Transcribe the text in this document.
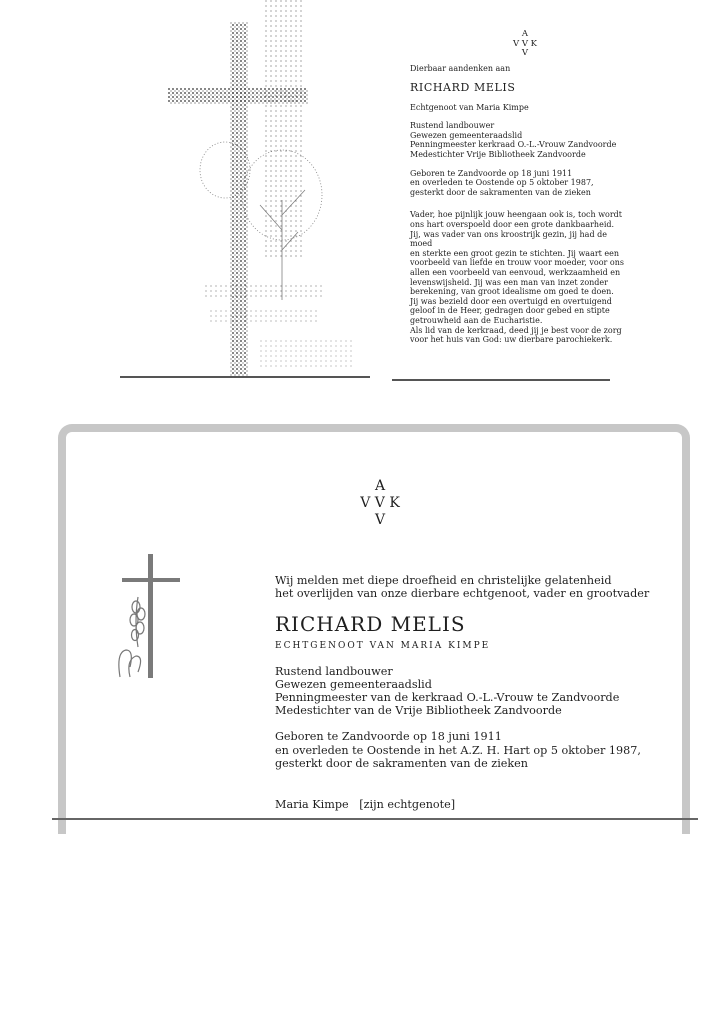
A
V V K
V

Dierbaar aandenken aan

RICHARD MELIS

Echtgenoot van Maria Kimpe

Rustend landbouwer

Gewezen gemeenteraadslid

Penningmeester kerkraad O.-L.-Vrouw Zandvoorde

Medestichter Vrije Bibliotheek Zandvoorde

Geboren te Zandvoorde op 18 juni 1911

en overleden te Oostende op 5 oktober 1987,

gesterkt door de sakramenten van de zieken

Vader, hoe pijnlijk jouw heengaan ook is, toch wordt

ons hart overspoeld door een grote dankbaarheid.

Jij, was vader van ons kroostrijk gezin, jij had de moed

en sterkte een groot gezin te stichten. Jij waart een

voorbeeld van liefde en trouw voor moeder, voor ons

allen een voorbeeld van eenvoud, werkzaamheid en

levenswijsheid. Jij was een man van inzet zonder

berekening, van groot idealisme om goed te doen.

Jij was bezield door een overtuigd en overtuigend

geloof in de Heer, gedragen door gebed en stipte

getrouwheid aan de Eucharistie.

Als lid van de kerkraad, deed jij je best voor de zorg

voor het huis van God: uw dierbare parochiekerk.

A
V V K
V
Wij melden met diepe droefheid en christelijke gelatenheid
het overlijden van onze dierbare echtgenoot, vader en grootvader
RICHARD MELIS
ECHTGENOOT VAN MARIA KIMPE
Rustend landbouwer
Gewezen gemeenteraadslid
Penningmeester van de kerkraad O.-L.-Vrouw te Zandvoorde
Medestichter van de Vrije Bibliotheek Zandvoorde
Geboren te Zandvoorde op 18 juni 1911
en overleden te Oostende in het A.Z. H. Hart op 5 oktober 1987,
gesterkt door de sakramenten van de zieken
Maria Kimpe   [zijn echtgenote]
